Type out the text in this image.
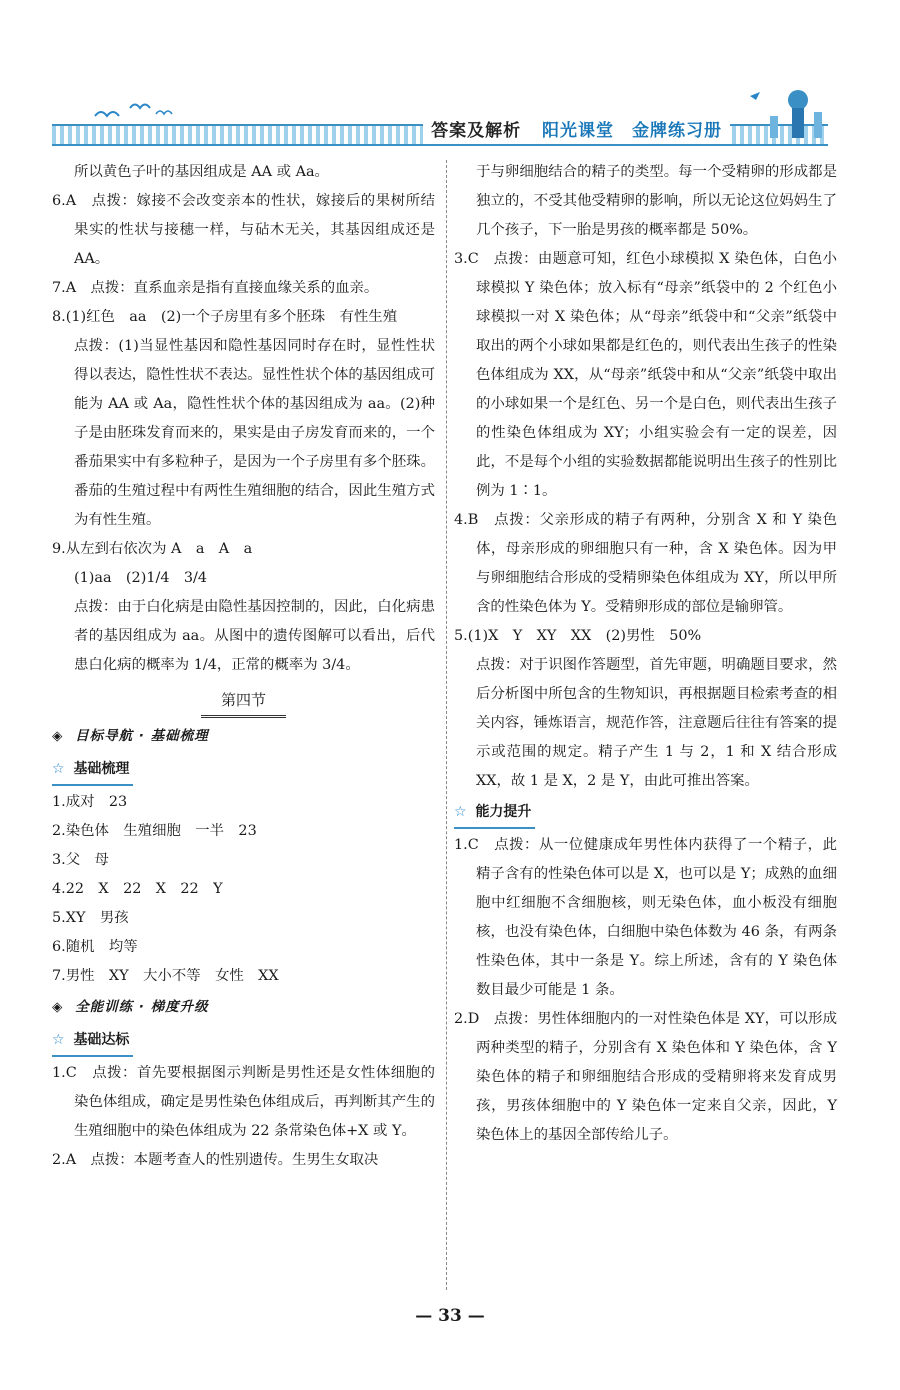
答案及解析 阳光课堂　金牌练习册

所以黄色子叶的基因组成是 AA 或 Aa。

6.A　点拨：嫁接不会改变亲本的性状，嫁接后的果树所结果实的性状与接穗一样，与砧木无关，其基因组成还是 AA。

7.A　点拨：直系血亲是指有直接血缘关系的血亲。

8.(1)红色　aa　(2)一个子房里有多个胚珠　有性生殖

点拨：(1)当显性基因和隐性基因同时存在时，显性性状得以表达，隐性性状不表达。显性性状个体的基因组成可能为 AA 或 Aa，隐性性状个体的基因组成为 aa。(2)种子是由胚珠发育而来的，果实是由子房发育而来的，一个番茄果实中有多粒种子，是因为一个子房里有多个胚珠。番茄的生殖过程中有两性生殖细胞的结合，因此生殖方式为有性生殖。

9.从左到右依次为 A　a　A　a

(1)aa　(2)1/4　3/4

点拨：由于白化病是由隐性基因控制的，因此，白化病患者的基因组成为 aa。从图中的遗传图解可以看出，后代患白化病的概率为 1/4，正常的概率为 3/4。

第四节
◈ 目标导航 · 基础梳理
☆ 基础梳理

1.成对　23

2.染色体　生殖细胞　一半　23

3.父　母

4.22　X　22　X　22　Y

5.XY　男孩

6.随机　均等

7.男性　XY　大小不等　女性　XX

◈ 全能训练 · 梯度升级
☆ 基础达标

1.C　点拨：首先要根据图示判断是男性还是女性体细胞的染色体组成，确定是男性染色体组成后，再判断其产生的生殖细胞中的染色体组成为 22 条常染色体+X 或 Y。

2.A　点拨：本题考查人的性别遗传。生男生女取决

于与卵细胞结合的精子的类型。每一个受精卵的形成都是独立的，不受其他受精卵的影响，所以无论这位妈妈生了几个孩子，下一胎是男孩的概率都是 50%。

3.C　点拨：由题意可知，红色小球模拟 X 染色体，白色小球模拟 Y 染色体；放入标有“母亲”纸袋中的 2 个红色小球模拟一对 X 染色体；从“母亲”纸袋中和“父亲”纸袋中取出的两个小球如果都是红色的，则代表出生孩子的性染色体组成为 XX，从“母亲”纸袋中和从“父亲”纸袋中取出的小球如果一个是红色、另一个是白色，则代表出生孩子的性染色体组成为 XY；小组实验会有一定的误差，因此，不是每个小组的实验数据都能说明出生孩子的性别比例为 1∶1。

4.B　点拨：父亲形成的精子有两种，分别含 X 和 Y 染色体，母亲形成的卵细胞只有一种，含 X 染色体。因为甲与卵细胞结合形成的受精卵染色体组成为 XY，所以甲所含的性染色体为 Y。受精卵形成的部位是输卵管。

5.(1)X　Y　XY　XX　(2)男性　50%

点拨：对于识图作答题型，首先审题，明确题目要求，然后分析图中所包含的生物知识，再根据题目检索考查的相关内容，锤炼语言，规范作答，注意题后往往有答案的提示或范围的规定。精子产生 1 与 2，1 和 X 结合形成 XX，故 1 是 X，2 是 Y，由此可推出答案。

☆ 能力提升

1.C　点拨：从一位健康成年男性体内获得了一个精子，此精子含有的性染色体可以是 X，也可以是 Y；成熟的血细胞中红细胞不含细胞核，则无染色体，血小板没有细胞核，也没有染色体，白细胞中染色体数为 46 条，有两条性染色体，其中一条是 Y。综上所述，含有的 Y 染色体数目最少可能是 1 条。

2.D　点拨：男性体细胞内的一对性染色体是 XY，可以形成两种类型的精子，分别含有 X 染色体和 Y 染色体，含 Y 染色体的精子和卵细胞结合形成的受精卵将来发育成男孩，男孩体细胞中的 Y 染色体一定来自父亲，因此，Y 染色体上的基因全部传给儿子。

— 33 —
